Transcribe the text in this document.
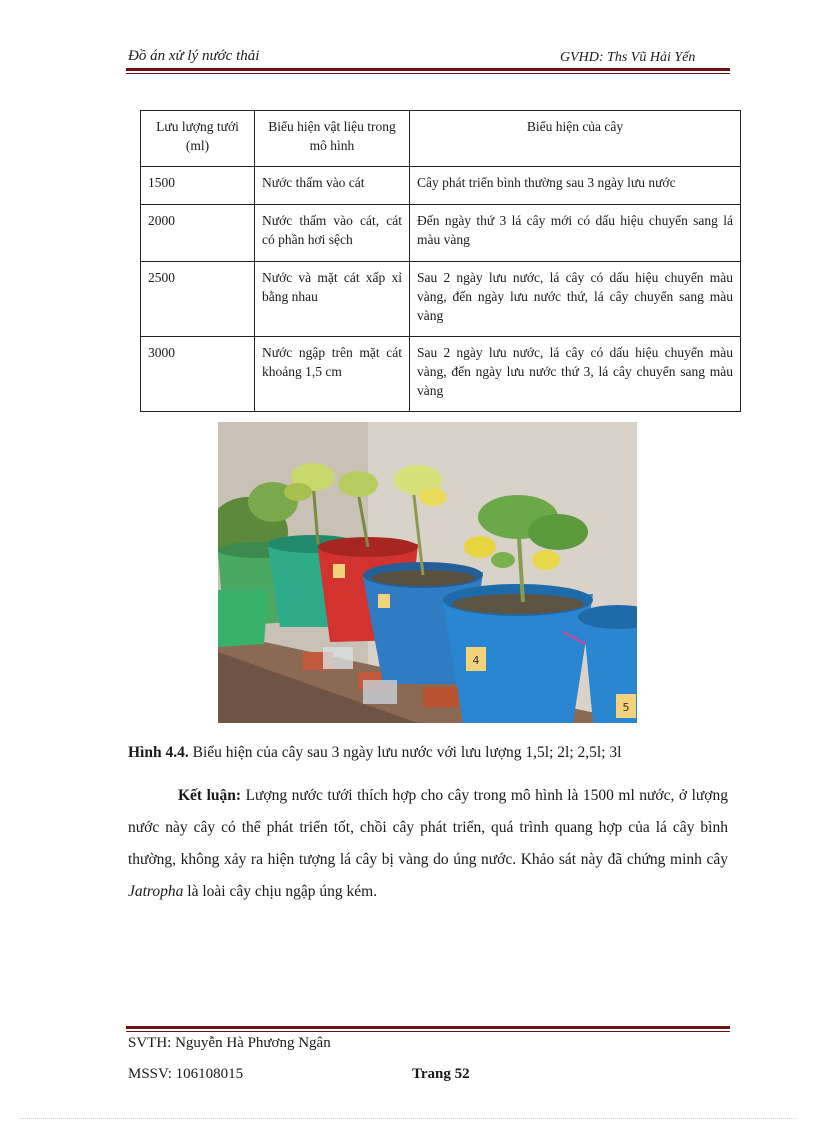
Đồ án xử lý nước thải	GVHD: Ths Vũ Hải Yến
Lưu lượng tưới (ml)	Biểu hiện vật liệu trong mô hình	Biểu hiện của cây
1500	Nước thấm vào cát	Cây phát triển bình thường sau 3 ngày lưu nước
2000	Nước thấm vào cát, cát có phần hơi sệch	Đến ngày thứ 3 lá cây mới có dấu hiệu chuyển sang lá màu vàng
2500	Nước và mặt cát xấp xỉ bằng nhau	Sau 2 ngày lưu nước, lá cây có dấu hiệu chuyển màu vàng, đến ngày lưu nước thứ, lá cây chuyển sang màu vàng
3000	Nước ngập trên mặt cát khoảng 1,5 cm	Sau 2 ngày lưu nước, lá cây có dấu hiệu chuyển màu vàng, đến ngày lưu nước thứ 3, lá cây chuyển sang màu vàng
4
5
Hình 4.4. Biểu hiện của cây sau 3 ngày lưu nước với lưu lượng 1,5l; 2l; 2,5l; 3l
Kết luận: Lượng nước tưới thích hợp cho cây trong mô hình là 1500 ml nước, ở lượng nước này cây có thể phát triển tốt, chồi cây phát triển, quá trình quang hợp của lá cây bình thường, không xảy ra hiện tượng lá cây bị vàng do úng nước. Khảo sát này đã chứng minh cây Jatropha là loài cây chịu ngập úng kém.
SVTH: Nguyễn Hà Phương Ngân
MSSV: 106108015	Trang 52
